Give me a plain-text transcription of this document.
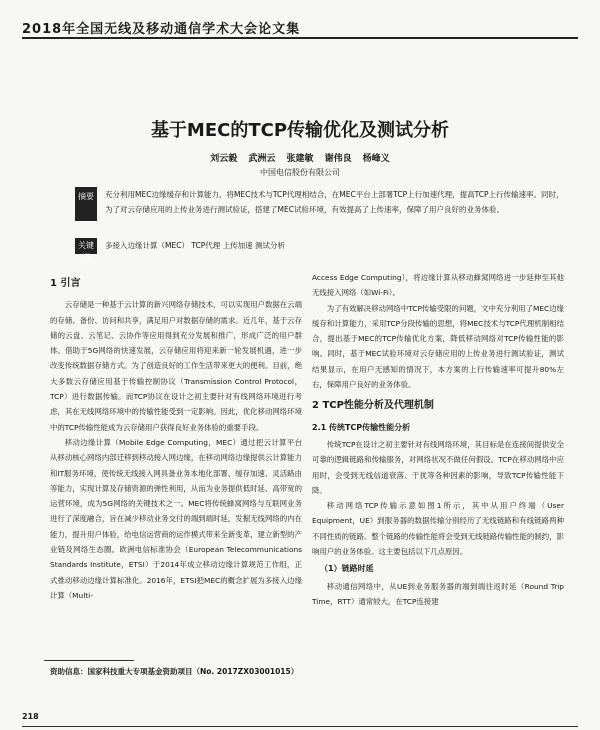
2018年全国无线及移动通信学术大会论文集
基于MEC的TCP传输优化及测试分析
刘云毅 武洲云 张建敏 谢伟良 杨峰义
中国电信股份有限公司
摘要	充分利用MEC边缘缓存和计算能力，将MEC技术与TCP代理相结合，在MEC平台上部署TCP上行加速代理，提高TCP上行传输速率。同时，为了对云存储应用的上传业务进行测试验证，搭建了MEC试验环境，有效提高了上传速率，保障了用户良好的业务体验。
关键词
多接入边缘计算（MEC） TCP代理 上传加速 测试分析
1 引言

云存储是一种基于云计算的新兴网络存储技术，可以实现用户数据在云端的存储、备份、访问和共享，满足用户对数据存储的需求。近几年，基于云存储的云盘、云笔记、云协作等应用得到充分发展和推广，形成广泛的用户群体。借助于5G网络的快速发展，云存储应用将迎来新一轮发展机遇，进一步改变传统数据存储方式。为了创造良好的工作生活带来更大的便利。目前，绝大多数云存储应用基于传输控制协议（Transmission Control Protocol，TCP）进行数据传输。而TCP协议在设计之初主要针对有线网络环境进行考虑，其在无线网络环境中的传输性能受到一定影响。因此，优化移动网络环境中的TCP传输性能成为云存储用户获得良好业务体验的重要手段。

移动边缘计算（Mobile Edge Computing，MEC）通过把云计算平台从移动核心网络内部迁移到移动接入网边缘，在移动网络边缘提供云计算能力和IT服务环境，使传统无线接入网具备业务本地化部署、缓存加速、灵活路由等能力，实现计算及存储资源的弹性利用，从而为业务提供低时延、高带宽的运营环境，成为5G网络的关键技术之一。MEC将传统蜂窝网络与互联网业务进行了深度融合，旨在减少移动业务交付的端到端时延，发掘无线网络的内在能力，提升用户体验，给电信运营商的运作模式带来全新变革，建立新型的产业链及网络生态圈。欧洲电信标准协会（European Telecommunications Standards Institute，ETSI）于2014年成立移动边缘计算规范工作组，正式推动移动边缘计算标准化。2016年，ETSI把MEC的概念扩展为多接入边缘计算（Multi-

Access Edge Computing），将边缘计算从移动蜂窝网络进一步延伸至其他无线接入网络（如Wi-Fi）。

为了有效解决移动网络中TCP传输受限的问题，文中充分利用了MEC边缘缓存和计算能力，采用TCP分段传输的思想，将MEC技术与TCP代理机制相结合，提出基于MEC的TCP传输优化方案，降低移动网络对TCP传输性能的影响。同时，基于MEC试验环境对云存储应用的上传业务进行测试验证，测试结果显示，在用户无感知的情况下，本方案的上行传输速率可提升80%左右，保障用户良好的业务体验。

2 TCP性能分析及代理机制
2.1 传统TCP传输性能分析

传统TCP在设计之初主要针对有线网络环境，其目标是在连接间提供安全可靠的逻辑链路和传输服务，对网络状况不做任何假设。TCP在移动网络中应用时，会受到无线信道衰落、干扰等各种因素的影响，导致TCP传输性能下降。

移动网络TCP传输示意如图1所示，其中从用户终端（User Equipment，UE）到服务器的数据传输分别经历了无线链路和有线链路两种不同性质的链路。整个链路的传输性能将会受到无线链路传输性能的制约，影响用户的业务体验。这主要包括以下几点原因。

（1）链路时延

移动通信网络中，从UE到业务服务器的端到端往返时延（Round Trip Time，RTT）通常较大，在TCP连接建

资助信息：国家科技重大专项基金资助项目（No. 2017ZX03001015）
218
